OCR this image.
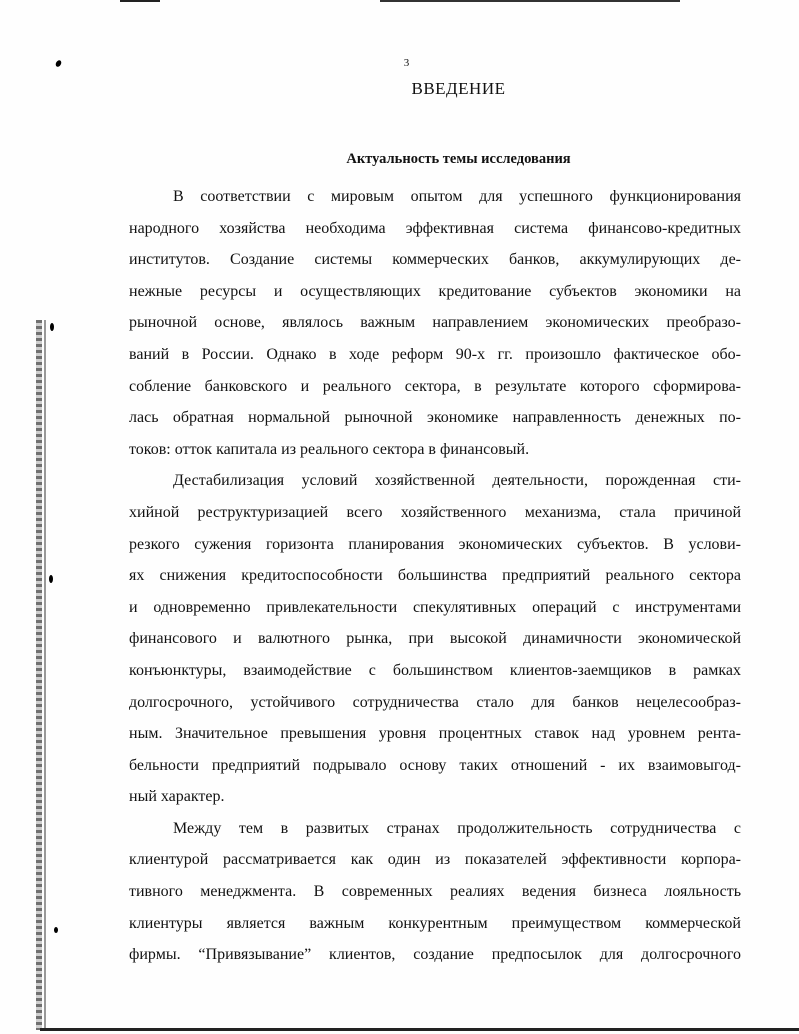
3
ВВЕДЕНИЕ
Актуальность темы исследования
В соответствии с мировым опытом для успешного функционирования
народного хозяйства необходима эффективная система финансово-кредитных
институтов. Создание системы коммерческих банков, аккумулирующих де-
нежные ресурсы и осуществляющих кредитование субъектов экономики на
рыночной основе, являлось важным направлением экономических преобразо-
ваний в России. Однако в ходе реформ 90-х гг. произошло фактическое обо-
собление банковского и реального сектора, в результате которого сформирова-
лась обратная нормальной рыночной экономике направленность денежных по-
токов: отток капитала из реального сектора в финансовый.
Дестабилизация условий хозяйственной деятельности, порожденная сти-
хийной реструктуризацией всего хозяйственного механизма, стала причиной
резкого сужения горизонта планирования экономических субъектов. В услови-
ях снижения кредитоспособности большинства предприятий реального сектора
и одновременно привлекательности спекулятивных операций с инструментами
финансового и валютного рынка, при высокой динамичности экономической
конъюнктуры, взаимодействие с большинством клиентов-заемщиков в рамках
долгосрочного, устойчивого сотрудничества стало для банков нецелесообраз-
ным. Значительное превышения уровня процентных ставок над уровнем рента-
бельности предприятий подрывало основу таких отношений - их взаимовыгод-
ный характер.
Между тем в развитых странах продолжительность сотрудничества с
клиентурой рассматривается как один из показателей эффективности корпора-
тивного менеджмента. В современных реалиях ведения бизнеса лояльность
клиентуры является важным конкурентным преимуществом коммерческой
фирмы. “Привязывание” клиентов, создание предпосылок для долгосрочного
